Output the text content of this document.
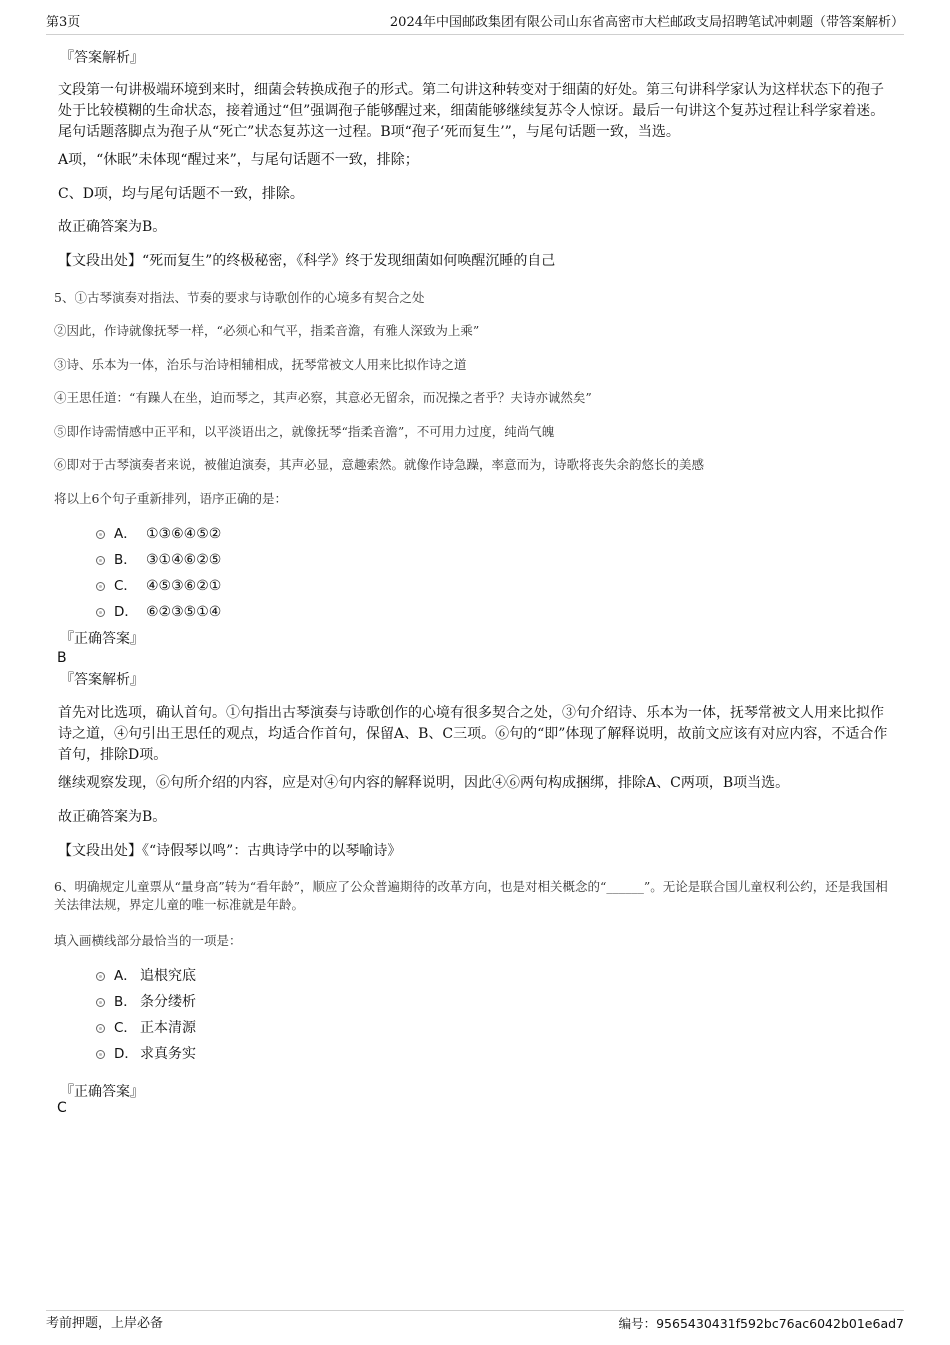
第3页	2024年中国邮政集团有限公司山东省高密市大栏邮政支局招聘笔试冲刺题（带答案解析）
『答案解析』
文段第一句讲极端环境到来时，细菌会转换成孢子的形式。第二句讲这种转变对于细菌的好处。第三句讲科学家认为这样状态下的孢子处于比较模糊的生命状态，接着通过“但”强调孢子能够醒过来，细菌能够继续复苏令人惊讶。最后一句讲这个复苏过程让科学家着迷。尾句话题落脚点为孢子从“死亡”状态复苏这一过程。B项“孢子‘死而复生’”，与尾句话题一致，当选。
A项，“休眠”未体现“醒过来”，与尾句话题不一致，排除；
C、D项，均与尾句话题不一致，排除。
故正确答案为B。
【文段出处】“死而复生”的终极秘密，《科学》终于发现细菌如何唤醒沉睡的自己
5、①古琴演奏对指法、节奏的要求与诗歌创作的心境多有契合之处
②因此，作诗就像抚琴一样，“必须心和气平，指柔音澹，有雅人深致为上乘”
③诗、乐本为一体，治乐与治诗相辅相成，抚琴常被文人用来比拟作诗之道
④王思任道：“有躁人在坐，迫而琴之，其声必察，其意必无留余，而况操之者乎？夫诗亦诚然矣”
⑤即作诗需情感中正平和，以平淡语出之，就像抚琴“指柔音澹”，不可用力过度，纯尚气魄
⑥即对于古琴演奏者来说，被催迫演奏，其声必显，意趣索然。就像作诗急躁，率意而为，诗歌将丧失余韵悠长的美感
将以上6个句子重新排列，语序正确的是：
A． ①③⑥④⑤②
B． ③①④⑥②⑤
C． ④⑤③⑥②①
D． ⑥②③⑤①④
『正确答案』
B
『答案解析』
首先对比选项，确认首句。①句指出古琴演奏与诗歌创作的心境有很多契合之处，③句介绍诗、乐本为一体，抚琴常被文人用来比拟作诗之道，④句引出王思任的观点，均适合作首句，保留A、B、C三项。⑥句的“即”体现了解释说明，故前文应该有对应内容，不适合作首句，排除D项。
继续观察发现，⑥句所介绍的内容，应是对④句内容的解释说明，因此④⑥两句构成捆绑，排除A、C两项，B项当选。
故正确答案为B。
【文段出处】《“诗假琴以鸣”：古典诗学中的以琴喻诗》
6、明确规定儿童票从“量身高”转为“看年龄”，顺应了公众普遍期待的改革方向，也是对相关概念的“______”。无论是联合国儿童权利公约，还是我国相关法律法规，界定儿童的唯一标准就是年龄。
填入画横线部分最恰当的一项是：
A． 追根究底
B． 条分缕析
C． 正本清源
D． 求真务实
『正确答案』
C
考前押题，上岸必备	编号：9565430431f592bc76ac6042b01e6ad7
